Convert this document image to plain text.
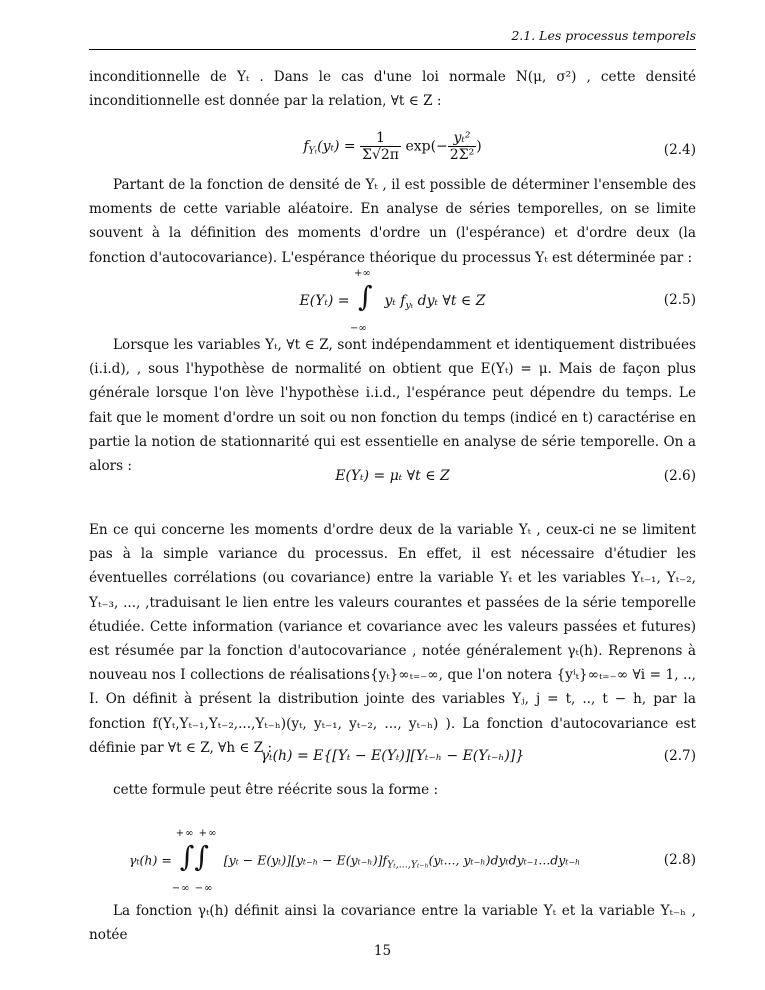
2.1. Les processus temporels
inconditionnelle de Yₜ . Dans le cas d'une loi normale N(μ, σ²) , cette densité inconditionnelle est donnée par la relation, ∀t ∈ Z :
$f_{Y_t}(y_t) = \frac{1}{\Sigma√2\pi} \exp(- \frac{\text{yₜ²}}{\text{2Σ²}}$ )	(2.4)
Partant de la fonction de densité de Yₜ , il est possible de déterminer l'ensemble des moments de cette variable aléatoire. En analyse de séries temporelles, on se limite souvent à la définition des moments d'ordre un (l'espérance) et d'ordre deux (la fonction d'autocovariance). L'espérance théorique du processus Yₜ est déterminée par :
E(Yₜ) =
+∞
∫
−∞
yₜ $f_{y_t}$ dyₜ ∀t ∈ Z	(2.5)
Lorsque les variables Yₜ, ∀t ∈ Z, sont indépendamment et identiquement distribuées (i.i.d), , sous l'hypothèse de normalité on obtient que E(Yₜ) = μ. Mais de façon plus générale lorsque l'on lève l'hypothèse i.i.d., l'espérance peut dépendre du temps. Le fait que le moment d'ordre un soit ou non fonction du temps (indicé en t) caractérise en partie la notion de stationnarité qui est essentielle en analyse de série temporelle. On a alors :
E(Yₜ) = μₜ ∀t ∈ Z	(2.6)
En ce qui concerne les moments d'ordre deux de la variable Yₜ , ceux-ci ne se limitent pas à la simple variance du processus. En effet, il est nécessaire d'étudier les éventuelles corrélations (ou covariance) entre la variable Yₜ et les variables Yₜ₋₁, Yₜ₋₂, Yₜ₋₃, ..., ,traduisant le lien entre les valeurs courantes et passées de la série temporelle étudiée. Cette information (variance et covariance avec les valeurs passées et futures) est résumée par la fonction d'autocovariance , notée généralement γₜ(h). Reprenons à nouveau nos I collections de réalisations{yₜ}∞ₜ₌₋∞, que l'on notera {yⁱₜ}∞ₜ₌₋∞ ∀i = 1, .., I. On définit à présent la distribution jointe des variables Yⱼ, j = t, .., t − h, par la fonction f(Yₜ,Yₜ₋₁,Yₜ₋₂,...,Yₜ₋ₕ)(yₜ, yₜ₋₁, yₜ₋₂, ..., yₜ₋ₕ) ). La fonction d'autocovariance est définie par ∀t ∈ Z, ∀h ∈ Z :
γₜ(h) = E{[Yₜ − E(Yₜ)][Yₜ₋ₕ − E(Yₜ₋ₕ)]}	(2.7)
cette formule peut être réécrite sous la forme :
γₜ(h) =
+∞ +∞
∫∫
−∞ −∞
$[y_t - E(y_t)][y_{t-h} - E(y_{t-h})]f_{Y_t,...,Y_{t-h}}(y_t$..., yₜ₋ₕ)dyₜdyₜ₋₁...dyₜ₋ₕ	(2.8)
La fonction γₜ(h) définit ainsi la covariance entre la variable Yₜ et la variable Yₜ₋ₕ , notée
15
